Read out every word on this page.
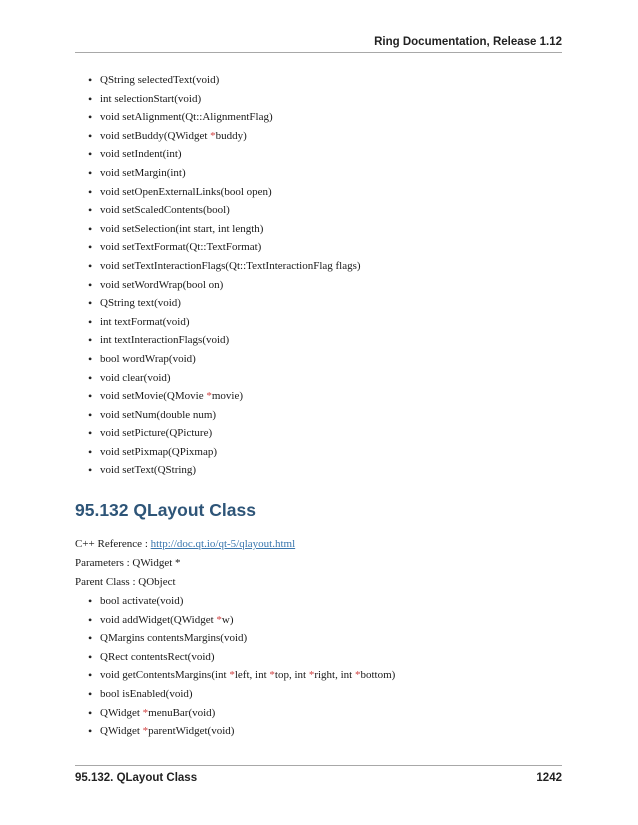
Ring Documentation, Release 1.12
• QString selectedText(void)
• int selectionStart(void)
• void setAlignment(Qt::AlignmentFlag)
• void setBuddy(QWidget *buddy)
• void setIndent(int)
• void setMargin(int)
• void setOpenExternalLinks(bool open)
• void setScaledContents(bool)
• void setSelection(int start, int length)
• void setTextFormat(Qt::TextFormat)
• void setTextInteractionFlags(Qt::TextInteractionFlag flags)
• void setWordWrap(bool on)
• QString text(void)
• int textFormat(void)
• int textInteractionFlags(void)
• bool wordWrap(void)
• void clear(void)
• void setMovie(QMovie *movie)
• void setNum(double num)
• void setPicture(QPicture)
• void setPixmap(QPixmap)
• void setText(QString)
95.132 QLayout Class
C++ Reference : http://doc.qt.io/qt-5/qlayout.html
Parameters : QWidget *
Parent Class : QObject
• bool activate(void)
• void addWidget(QWidget *w)
• QMargins contentsMargins(void)
• QRect contentsRect(void)
• void getContentsMargins(int *left, int *top, int *right, int *bottom)
• bool isEnabled(void)
• QWidget *menuBar(void)
• QWidget *parentWidget(void)
95.132. QLayout Class	1242
